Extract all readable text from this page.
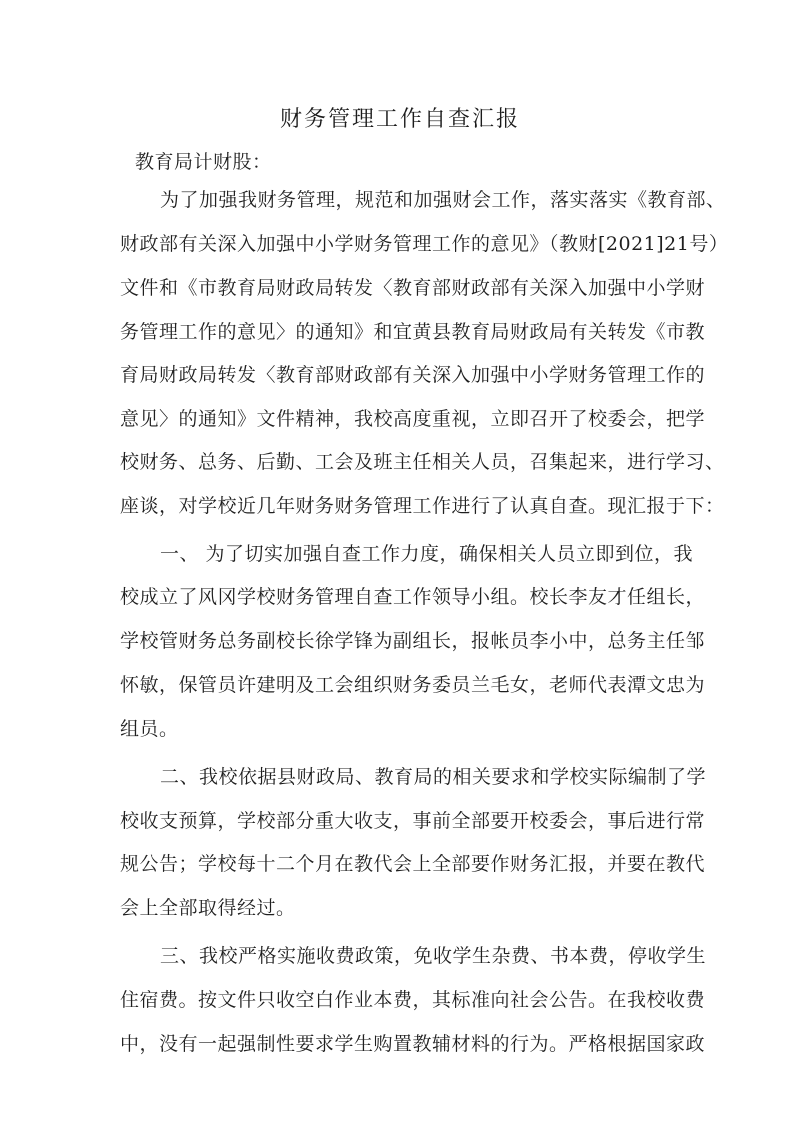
财务管理工作自查汇报
教育局计财股：
为了加强我财务管理，规范和加强财会工作，落实落实《教育部、
财政部有关深入加强中小学财务管理工作的意见》（教财[2021]21号）
文件和《市教育局财政局转发〈教育部财政部有关深入加强中小学财
务管理工作的意见〉的通知》和宜黄县教育局财政局有关转发《市教
育局财政局转发〈教育部财政部有关深入加强中小学财务管理工作的
意见〉的通知》文件精神，我校高度重视，立即召开了校委会，把学
校财务、总务、后勤、工会及班主任相关人员，召集起来，进行学习、
座谈，对学校近几年财务财务管理工作进行了认真自查。现汇报于下：
一、 为了切实加强自查工作力度，确保相关人员立即到位，我
校成立了风冈学校财务管理自查工作领导小组。校长李友才任组长，
学校管财务总务副校长徐学锋为副组长，报帐员李小中，总务主任邹
怀敏，保管员许建明及工会组织财务委员兰毛女，老师代表潭文忠为
组员。
二、我校依据县财政局、教育局的相关要求和学校实际编制了学
校收支预算，学校部分重大收支，事前全部要开校委会，事后进行常
规公告；学校每十二个月在教代会上全部要作财务汇报，并要在教代
会上全部取得经过。
三、我校严格实施收费政策，免收学生杂费、书本费，停收学生
住宿费。按文件只收空白作业本费，其标准向社会公告。在我校收费
中，没有一起强制性要求学生购置教辅材料的行为。严格根据国家政
